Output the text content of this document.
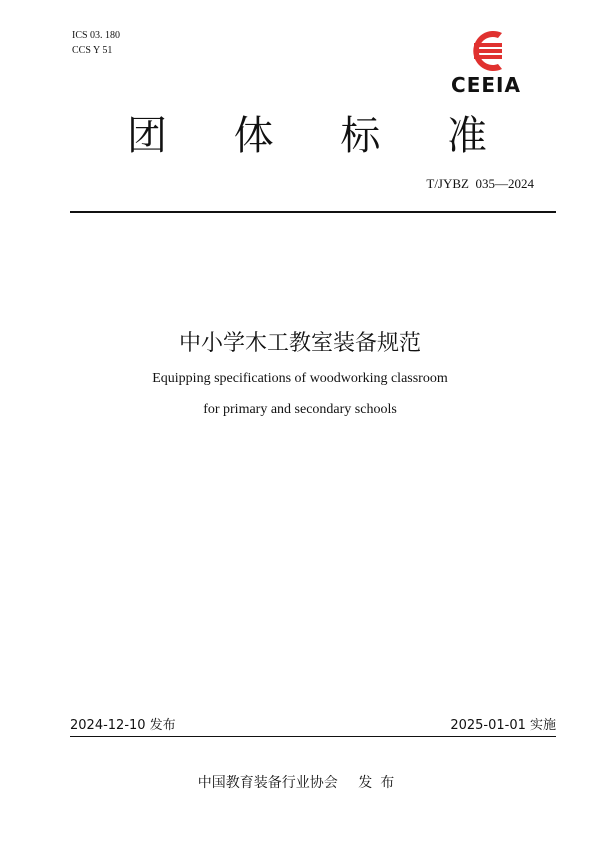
ICS 03. 180
CCS Y 51
CEEIA
团 体 标 准
T/JYBZ  035—2024
中小学木工教室装备规范
Equipping specifications of woodworking classroom
for primary and secondary schools
2024-12-10 发布	2025-01-01 实施
中国教育装备行业协会 发布
